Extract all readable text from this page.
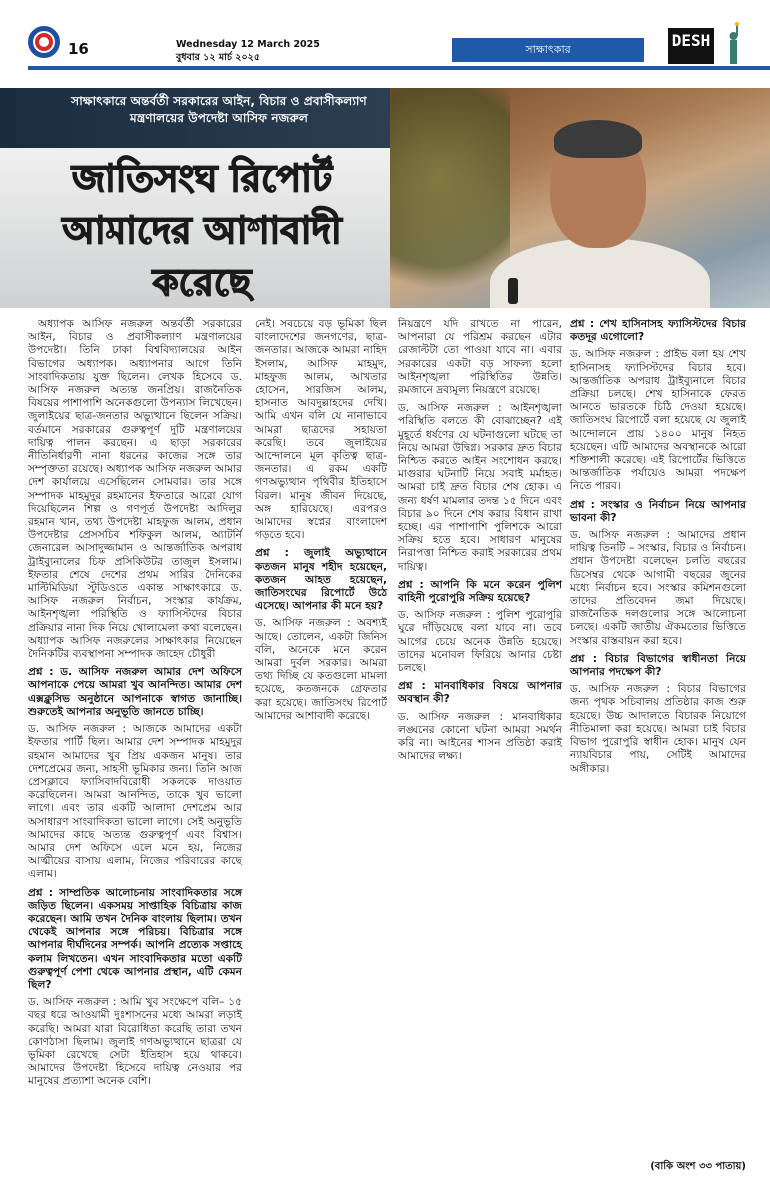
16	Wednesday 12 March 2025
বুধবার ১২ মার্চ ২০২৫
সাক্ষাৎকার	DESH
সাক্ষাৎকারে অন্তর্বর্তী সরকারের আইন, বিচার ও প্রবাসীকল্যাণ মন্ত্রণালয়ের উপদেষ্টা আসিফ নজরুল
জাতিসংঘ রিপোর্ট আমাদের আশাবাদী করেছে

অধ্যাপক আসিফ নজরুল অন্তর্বর্তী সরকারের আইন, বিচার ও প্রবাসীকল্যাণ মন্ত্রণালয়ের উপদেষ্টা। তিনি ঢাকা বিশ্ববিদ্যালয়ের আইন বিভাগের অধ্যাপক। অধ্যাপনার আগে তিনি সাংবাদিকতায় যুক্ত ছিলেন। লেখক হিসেবে ড. আসিফ নজরুল অত্যন্ত জনপ্রিয়। রাজনৈতিক বিষয়ের পাশাপাশি অনেকগুলো উপন্যাস লিখেছেন। জুলাইয়ের ছাত্র-জনতার অভ্যুত্থানে ছিলেন সক্রিয়। বর্তমানে সরকারের গুরুত্বপূর্ণ দুটি মন্ত্রণালয়ের দায়িত্ব পালন করছেন। এ ছাড়া সরকারের নীতিনির্ধারণী নানা ধরনের কাজের সঙ্গে তার সম্পৃক্ততা রয়েছে। অধ্যাপক আসিফ নজরুল আমার দেশ কার্যালয়ে এসেছিলেন সোমবার। তার সঙ্গে সম্পাদক মাহমুদুর রহমানের ইফতারে আরো যোগ দিয়েছিলেন শিল্প ও গণপূর্ত উপদেষ্টা আদিলুর রহমান খান, তথ্য উপদেষ্টা মাহফুজ আলম, প্রধান উপদেষ্টার প্রেসসচিব শফিকুল আলম, অ্যাটর্নি জেনারেল আসাদুজ্জামান ও আন্তর্জাতিক অপরাধ ট্রাইব্যুনালের চিফ প্রসিকিউটর তাজুল ইসলাম। ইফতার শেষে দেশের প্রথম সারির দৈনিকের মাল্টিমিডিয়া স্টুডিওতে একান্ত সাক্ষাৎকারে ড. আসিফ নজরুল নির্বাচন, সংস্কার কার্যক্রম, আইনশৃঙ্খলা পরিস্থিতি ও ফ্যাসিস্টদের বিচার প্রক্রিয়ার নানা দিক নিয়ে খোলামেলা কথা বলেছেন। অধ্যাপক আসিফ নজরুলের সাক্ষাৎকার নিয়েছেন দৈনিকটির ব্যবস্থাপনা সম্পাদক জাহেদ চৌধুরী

প্রশ্ন : ড. আসিফ নজরুল আমার দেশ অফিসে আপনাকে পেয়ে আমরা খুব আনন্দিত। আমার দেশ এক্সক্লুসিভ অনুষ্ঠানে আপনাকে স্বাগত জানাচ্ছি। শুরুতেই আপনার অনুভূতি জানতে চাচ্ছি।

ড. আসিফ নজরুল : আজকে আমাদের একটা ইফতার পার্টি ছিল। আমার দেশ সম্পাদক মাহমুদুর রহমান আমাদের খুব প্রিয় একজন মানুষ। তার দেশপ্রেমের জন্য, সাহসী ভূমিকার জন্য। তিনি আজ প্রেসক্লাবে ফ্যাসিবাদবিরোধী সকলকে দাওয়াত করেছিলেন। আমরা আনন্দিত, তাকে খুব ভালো লাগে। এবং তার একটি আলাদা দেশপ্রেম আর অসাধারণ সাংবাদিকতা ভালো লাগে। সেই অনুভূতি আমাদের কাছে অত্যন্ত গুরুত্বপূর্ণ এবং বিশ্বাস। আমার দেশ অফিসে এলে মনে হয়, নিজের আত্মীয়ের বাসায় এলাম, নিজের পরিবারের কাছে এলাম।

প্রশ্ন : সাম্প্রতিক আলোচনায় সাংবাদিকতার সঙ্গে জড়িত ছিলেন। একসময় সাপ্তাহিক বিচিত্রায় কাজ করেছেন। আমি তখন দৈনিক বাংলায় ছিলাম। তখন থেকেই আপনার সঙ্গে পরিচয়। বিচিত্রার সঙ্গে আপনার দীর্ঘদিনের সম্পর্ক। আপনি প্রত্যেক সপ্তাহে কলাম লিখতেন। এখন সাংবাদিকতার মতো একটি গুরুত্বপূর্ণ পেশা থেকে আপনার প্রস্থান, এটি কেমন ছিল?

ড. আসিফ নজরুল : আমি খুব সংক্ষেপে বলি– ১৫ বছর ধরে আওয়ামী দুঃশাসনের মধ্যে আমরা লড়াই করেছি। আমরা যারা বিরোধিতা করেছি তারা তখন কোণঠাসা ছিলাম। জুলাই গণঅভ্যুত্থানে ছাত্ররা যে ভূমিকা রেখেছে সেটা ইতিহাস হয়ে থাকবে। আমাদের উপদেষ্টা হিসেবে দায়িত্ব নেওয়ার পর মানুষের প্রত্যাশা অনেক বেশি।

নেই। সবচেয়ে বড় ভূমিকা ছিল বাংলাদেশের জনগণের, ছাত্র-জনতার। আজকে আমরা নাহিদ ইসলাম, আসিফ মাহমুদ, মাহফুজ আলম, আখতার হোসেন, সারজিস আলম, হাসনাত আবদুল্লাহদের দেখি। আমি এখন বলি যে নানাভাবে আমরা ছাত্রদের সহায়তা করেছি। তবে জুলাইয়ের আন্দোলনে মূল কৃতিত্ব ছাত্র-জনতার। এ রকম একটি গণঅভ্যুত্থান পৃথিবীর ইতিহাসে বিরল। মানুষ জীবন দিয়েছে, অঙ্গ হারিয়েছে। এরপরও আমাদের স্বপ্নের বাংলাদেশ গড়তে হবে।

প্রশ্ন : জুলাই অভ্যুত্থানে কতজন মানুষ শহীদ হয়েছেন, কতজন আহত হয়েছেন, জাতিসংঘের রিপোর্টে উঠে এসেছে। আপনার কী মনে হয়?

ড. আসিফ নজরুল : অবশ্যই আছে। তোলেন, একটা জিনিস বলি, অনেকে মনে করেন আমরা দুর্বল সরকার। আমরা তথ্য দিচ্ছি যে কতগুলো মামলা হয়েছে, কতজনকে গ্রেফতার করা হয়েছে। জাতিসংঘ রিপোর্ট আমাদের আশাবাদী করেছে।

নিয়ন্ত্রণে যদি রাখতে না পারেন, আপনারা যে পরিশ্রম করছেন এটার রেজাল্টটা তো পাওয়া যাবে না। এবার সরকারের একটা বড় সাফল্য হলো আইনশৃঙ্খলা পরিস্থিতির উন্নতি। রমজানে দ্রব্যমূল্য নিয়ন্ত্রণে রয়েছে।

ড. আসিফ নজরুল : আইনশৃঙ্খলা পরিস্থিতি বলতে কী বোঝাচ্ছেন? এই মুহূর্তে ধর্ষণের যে ঘটনাগুলো ঘটছে তা নিয়ে আমরা উদ্বিগ্ন। সরকার দ্রুত বিচার নিশ্চিত করতে আইন সংশোধন করছে। মাগুরার ঘটনাটি নিয়ে সবাই মর্মাহত। আমরা চাই দ্রুত বিচার শেষ হোক। এ জন্য ধর্ষণ মামলার তদন্ত ১৫ দিনে এবং বিচার ৯০ দিনে শেষ করার বিধান রাখা হচ্ছে। এর পাশাপাশি পুলিশকে আরো সক্রিয় হতে হবে। সাধারণ মানুষের নিরাপত্তা নিশ্চিত করাই সরকারের প্রথম দায়িত্ব।

প্রশ্ন : আপনি কি মনে করেন পুলিশ বাহিনী পুরোপুরি সক্রিয় হয়েছে?

ড. আসিফ নজরুল : পুলিশ পুরোপুরি ঘুরে দাঁড়িয়েছে বলা যাবে না। তবে আগের চেয়ে অনেক উন্নতি হয়েছে। তাদের মনোবল ফিরিয়ে আনার চেষ্টা চলছে।

প্রশ্ন : মানবাধিকার বিষয়ে আপনার অবস্থান কী?

ড. আসিফ নজরুল : মানবাধিকার লঙ্ঘনের কোনো ঘটনা আমরা সমর্থন করি না। আইনের শাসন প্রতিষ্ঠা করাই আমাদের লক্ষ্য।

প্রশ্ন : শেখ হাসিনাসহ ফ্যাসিস্টদের বিচার কতদূর এগোলো?

ড. আসিফ নজরুল : প্রাইভ বলা হয় শেখ হাসিনাসহ ফ্যাসিস্টদের বিচার হবে। আন্তর্জাতিক অপরাধ ট্রাইব্যুনালে বিচার প্রক্রিয়া চলছে। শেখ হাসিনাকে ফেরত আনতে ভারতকে চিঠি দেওয়া হয়েছে। জাতিসংঘ রিপোর্টে বলা হয়েছে যে জুলাই আন্দোলনে প্রায় ১৪০০ মানুষ নিহত হয়েছেন। এটি আমাদের অবস্থানকে আরো শক্তিশালী করেছে। এই রিপোর্টের ভিত্তিতে আন্তর্জাতিক পর্যায়েও আমরা পদক্ষেপ নিতে পারব।

প্রশ্ন : সংস্কার ও নির্বাচন নিয়ে আপনার ভাবনা কী?

ড. আসিফ নজরুল : আমাদের প্রধান দায়িত্ব তিনটি – সংস্কার, বিচার ও নির্বাচন। প্রধান উপদেষ্টা বলেছেন চলতি বছরের ডিসেম্বর থেকে আগামী বছরের জুনের মধ্যে নির্বাচন হবে। সংস্কার কমিশনগুলো তাদের প্রতিবেদন জমা দিয়েছে। রাজনৈতিক দলগুলোর সঙ্গে আলোচনা চলছে। একটি জাতীয় ঐকমত্যের ভিত্তিতে সংস্কার বাস্তবায়ন করা হবে।

প্রশ্ন : বিচার বিভাগের স্বাধীনতা নিয়ে আপনার পদক্ষেপ কী?

ড. আসিফ নজরুল : বিচার বিভাগের জন্য পৃথক সচিবালয় প্রতিষ্ঠার কাজ শুরু হয়েছে। উচ্চ আদালতে বিচারক নিয়োগে নীতিমালা করা হয়েছে। আমরা চাই বিচার বিভাগ পুরোপুরি স্বাধীন হোক। মানুষ যেন ন্যায়বিচার পায়, সেটিই আমাদের অঙ্গীকার।

(বাকি অংশ ৩৩ পাতায়)
